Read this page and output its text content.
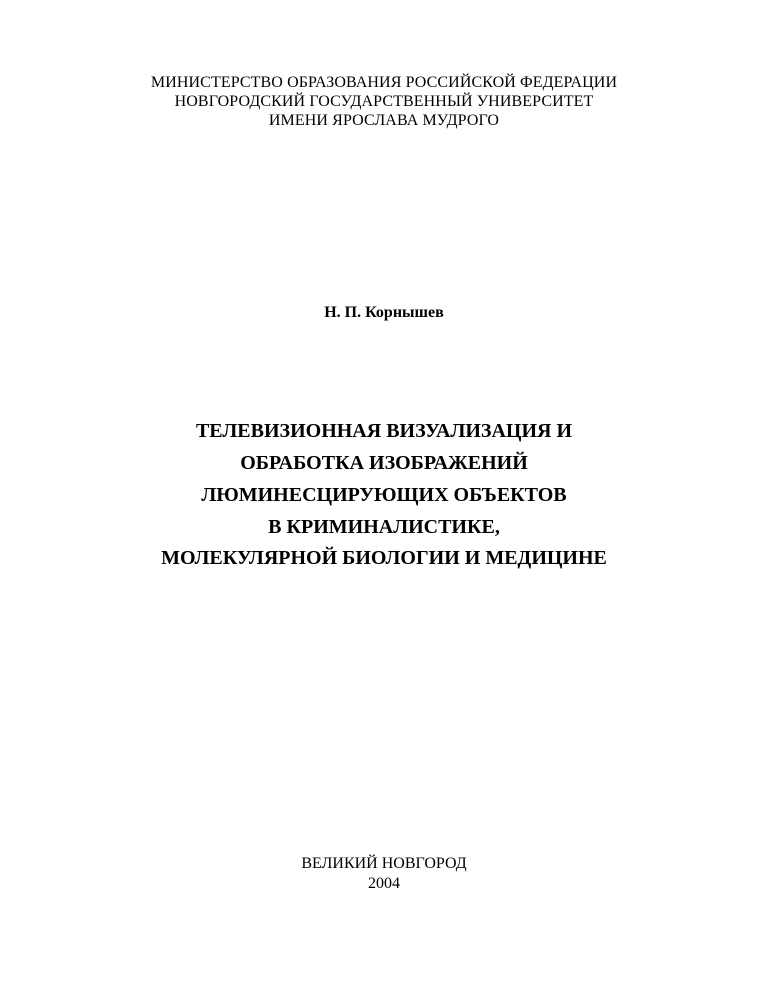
МИНИСТЕРСТВО ОБРАЗОВАНИЯ РОССИЙСКОЙ ФЕДЕРАЦИИ
НОВГОРОДСКИЙ ГОСУДАРСТВЕННЫЙ УНИВЕРСИТЕТ
ИМЕНИ ЯРОСЛАВА МУДРОГО
Н. П. Корнышев
ТЕЛЕВИЗИОННАЯ ВИЗУАЛИЗАЦИЯ И
ОБРАБОТКА ИЗОБРАЖЕНИЙ
ЛЮМИНЕСЦИРУЮЩИХ ОБЪЕКТОВ
В КРИМИНАЛИСТИКЕ,
МОЛЕКУЛЯРНОЙ БИОЛОГИИ И МЕДИЦИНЕ
ВЕЛИКИЙ НОВГОРОД
2004
